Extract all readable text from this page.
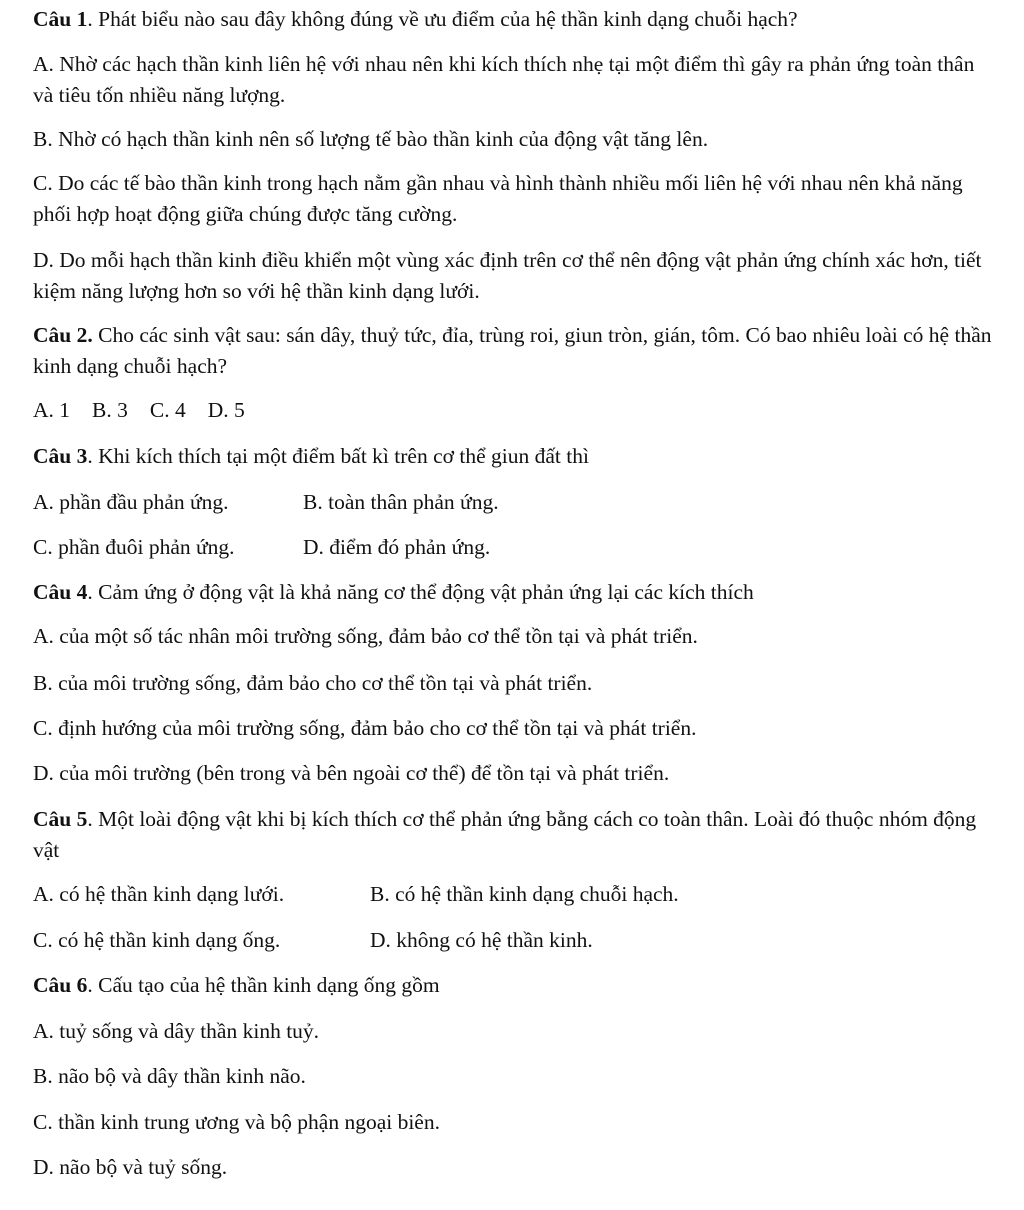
Câu 1. Phát biểu nào sau đây không đúng về ưu điểm của hệ thần kinh dạng chuỗi hạch?
A. Nhờ các hạch thần kinh liên hệ với nhau nên khi kích thích nhẹ tại một điểm thì gây ra phản ứng toàn thân và tiêu tốn nhiều năng lượng.
B. Nhờ có hạch thần kinh nên số lượng tế bào thần kinh của động vật tăng lên.
C. Do các tế bào thần kinh trong hạch nằm gần nhau và hình thành nhiều mối liên hệ với nhau nên khả năng phối hợp hoạt động giữa chúng được tăng cường.
D. Do mỗi hạch thần kinh điều khiển một vùng xác định trên cơ thể nên động vật phản ứng chính xác hơn, tiết kiệm năng lượng hơn so với hệ thần kinh dạng lưới.
Câu 2. Cho các sinh vật sau: sán dây, thuỷ tức, đỉa, trùng roi, giun tròn, gián, tôm. Có bao nhiêu loài có hệ thần kinh dạng chuỗi hạch?
A. 1 B. 3 C. 4 D. 5
Câu 3. Khi kích thích tại một điểm bất kì trên cơ thể giun đất thì
A. phần đầu phản ứng.	B. toàn thân phản ứng.
C. phần đuôi phản ứng.	D. điểm đó phản ứng.
Câu 4. Cảm ứng ở động vật là khả năng cơ thể động vật phản ứng lại các kích thích
A. của một số tác nhân môi trường sống, đảm bảo cơ thể tồn tại và phát triển.
B. của môi trường sống, đảm bảo cho cơ thể tồn tại và phát triển.
C. định hướng của môi trường sống, đảm bảo cho cơ thể tồn tại và phát triển.
D. của môi trường (bên trong và bên ngoài cơ thể) để tồn tại và phát triển.
Câu 5. Một loài động vật khi bị kích thích cơ thể phản ứng bằng cách co toàn thân. Loài đó thuộc nhóm động vật
A. có hệ thần kinh dạng lưới.	B. có hệ thần kinh dạng chuỗi hạch.
C. có hệ thần kinh dạng ống.	D. không có hệ thần kinh.
Câu 6. Cấu tạo của hệ thần kinh dạng ống gồm
A. tuỷ sống và dây thần kinh tuỷ.
B. não bộ và dây thần kinh não.
C. thần kinh trung ương và bộ phận ngoại biên.
D. não bộ và tuỷ sống.
